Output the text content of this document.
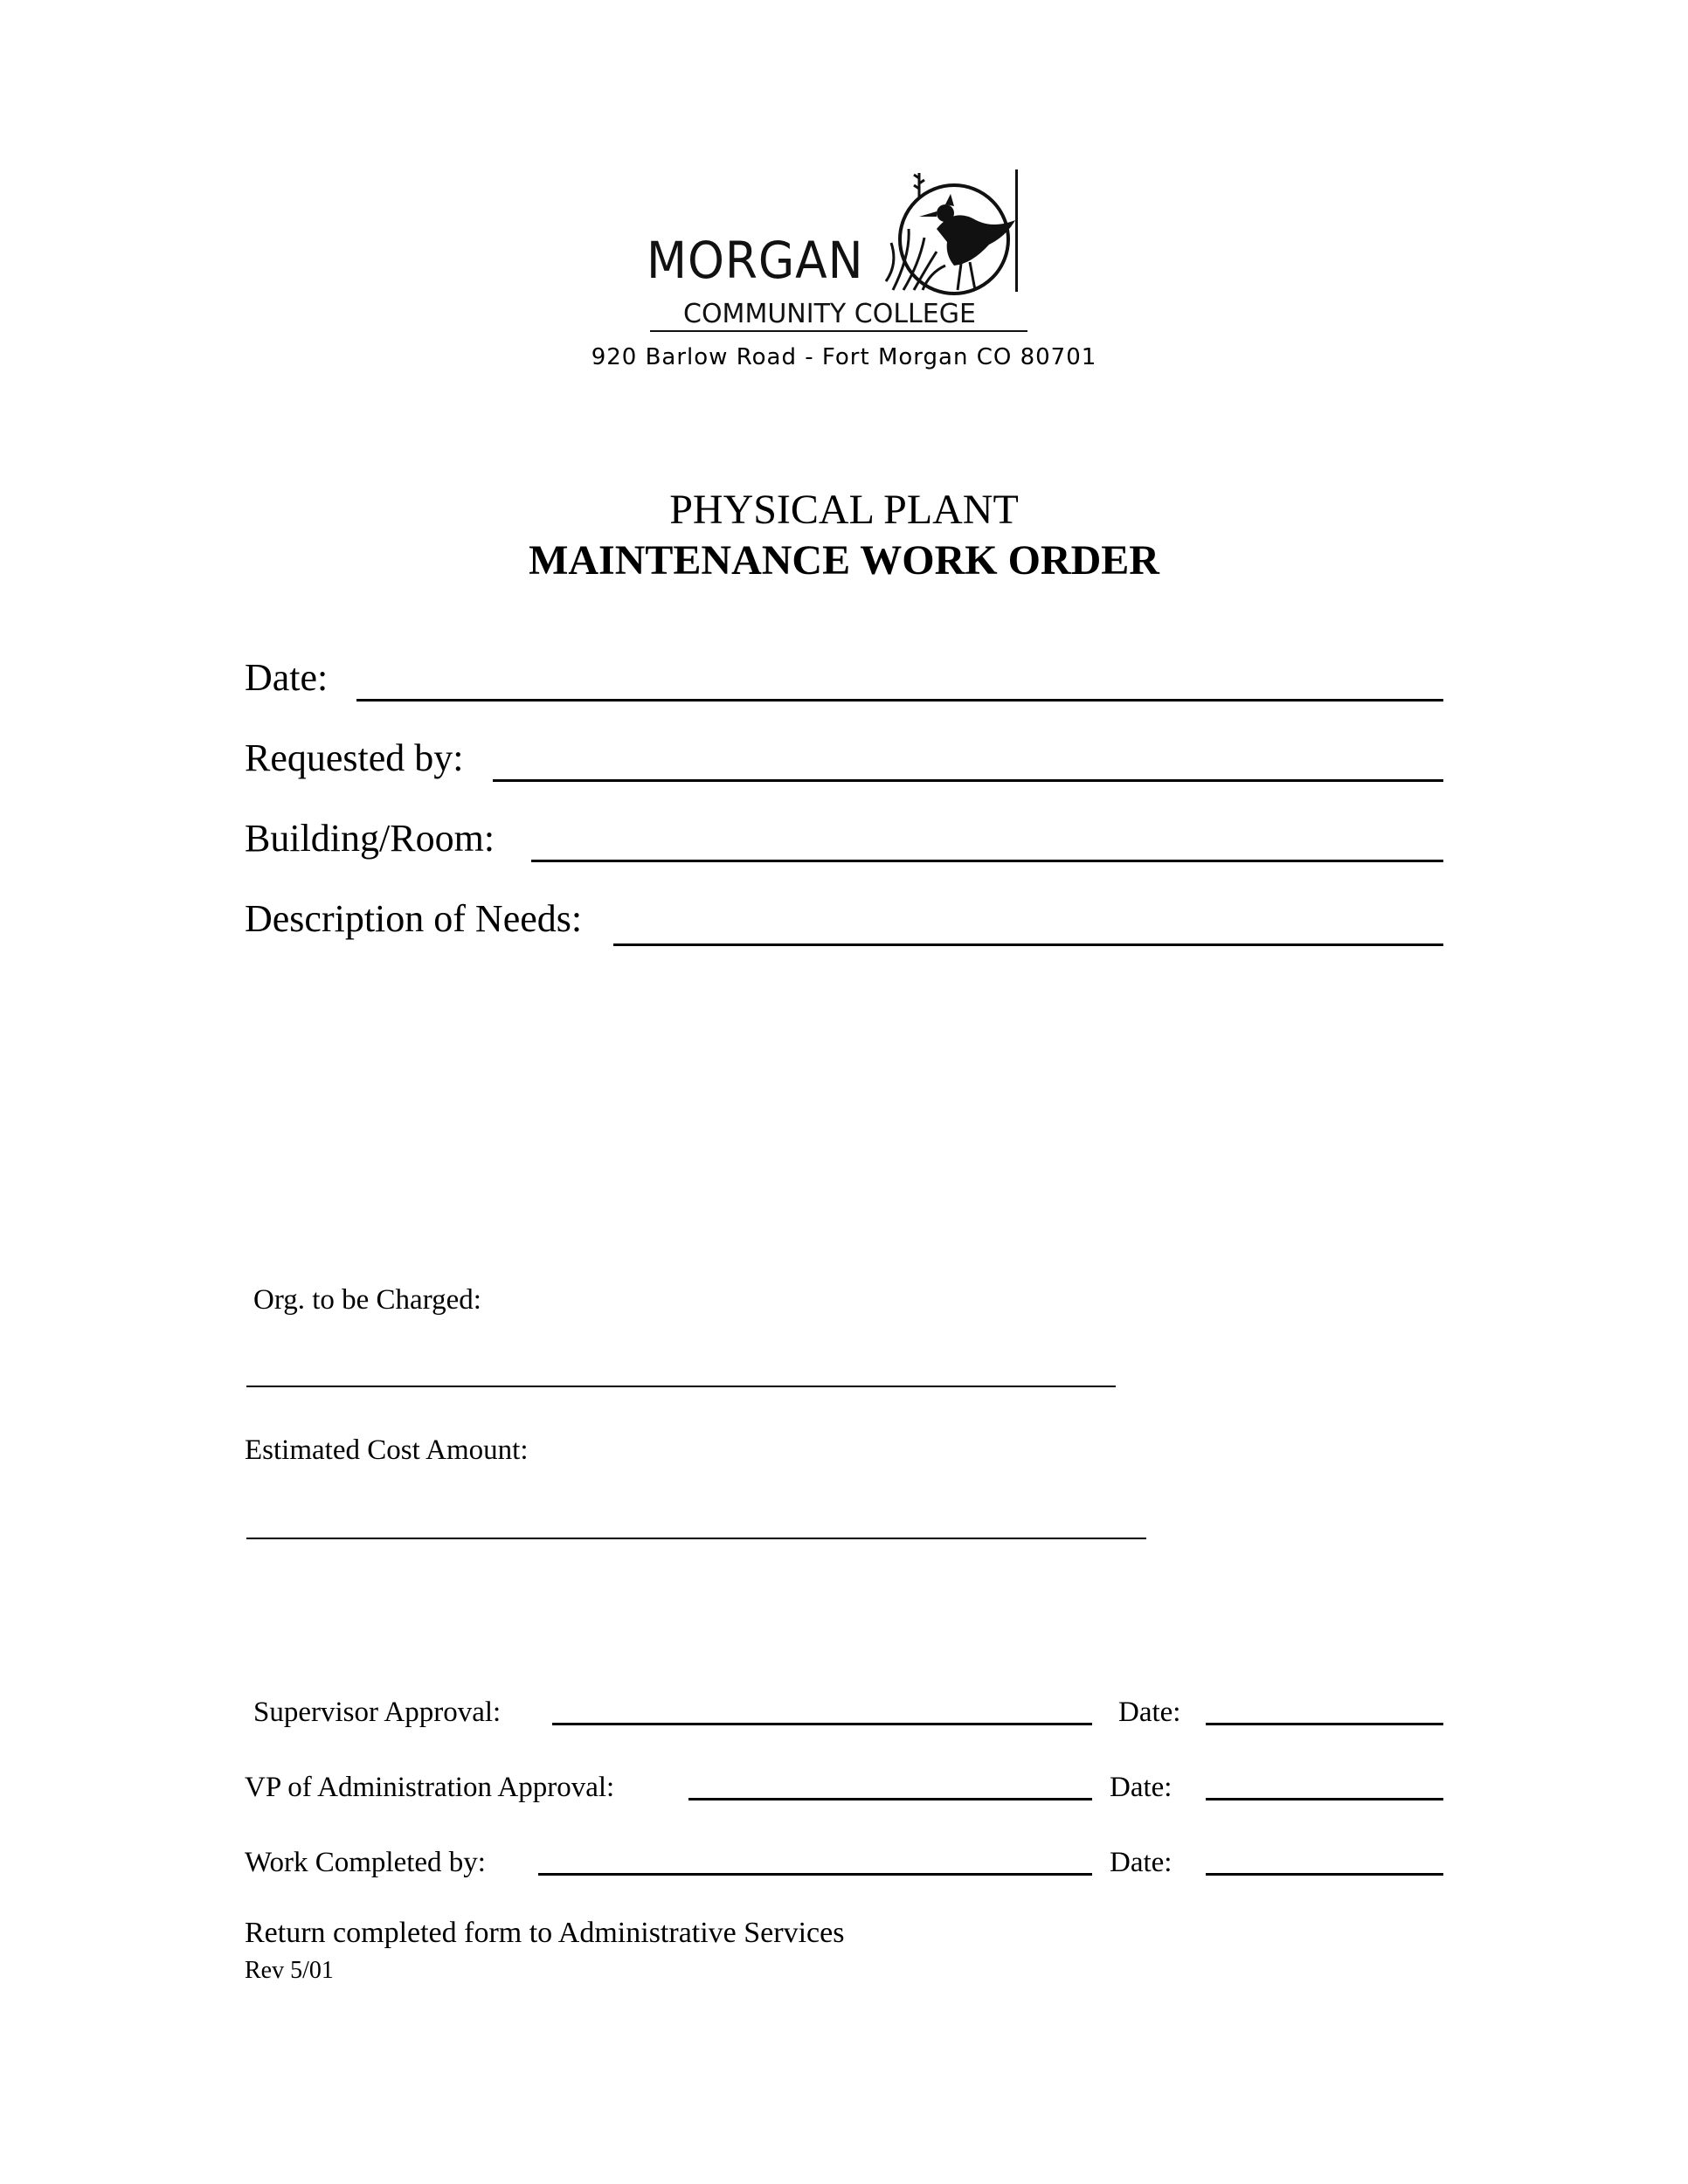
MORGAN
COMMUNITY COLLEGE
920 Barlow Road - Fort Morgan CO 80701
PHYSICAL PLANT
MAINTENANCE WORK ORDER
Date:
Requested by:
Building/Room:
Description of Needs:
Org. to be Charged:
Estimated Cost Amount:
Supervisor Approval:	Date:
VP of Administration Approval:	Date:
Work Completed by:	Date:
Return completed form to Administrative Services
Rev 5/01
